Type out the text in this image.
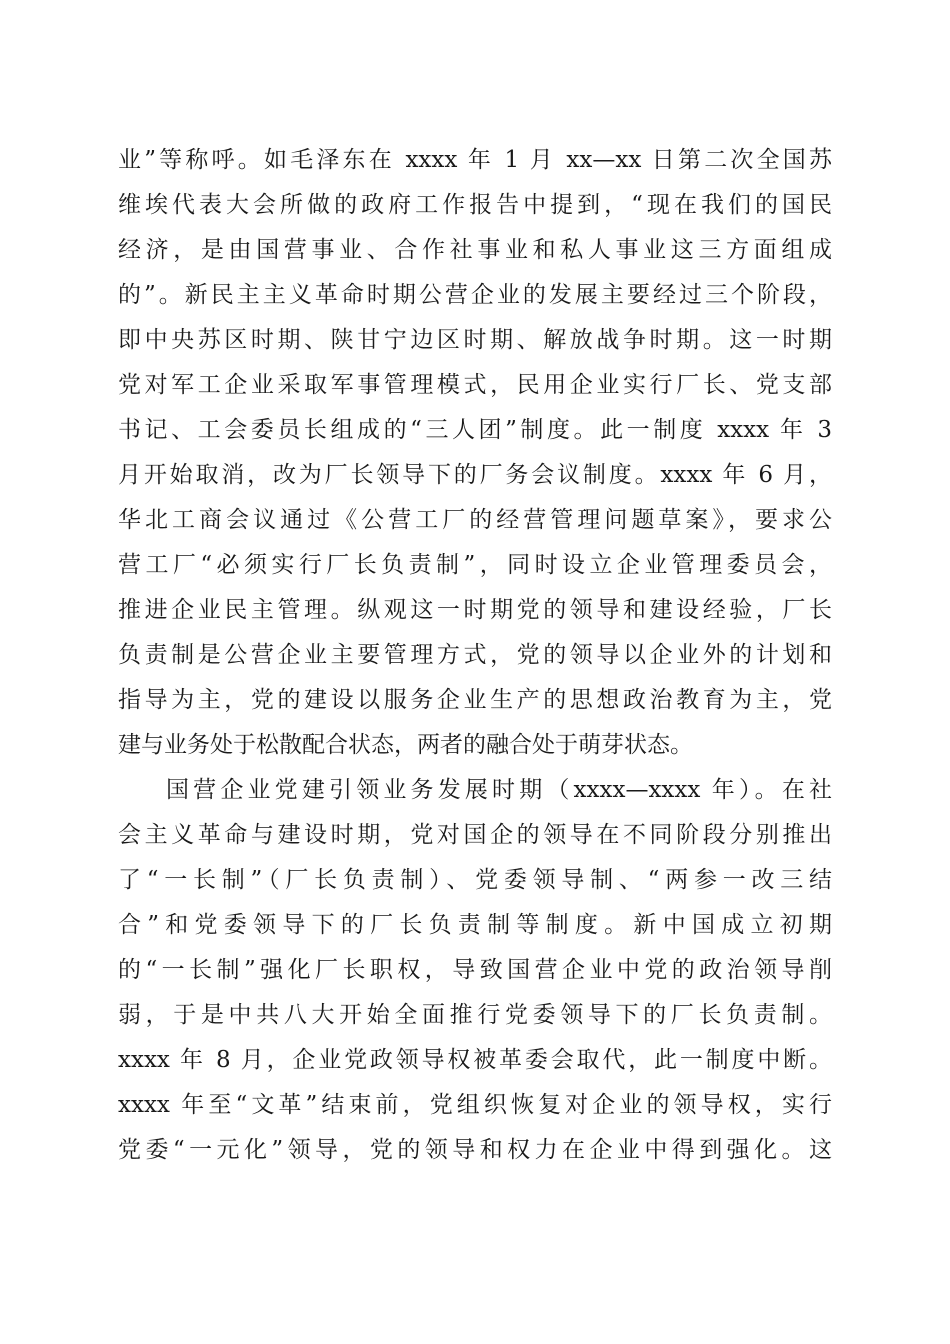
业”等称呼。如毛泽东在 xxxx 年 1 月 xx—xx 日第二次全国苏
维埃代表大会所做的政府工作报告中提到，“现在我们的国民
经济，是由国营事业、合作社事业和私人事业这三方面组成
的”。新民主主义革命时期公营企业的发展主要经过三个阶段，
即中央苏区时期、陕甘宁边区时期、解放战争时期。这一时期
党对军工企业采取军事管理模式，民用企业实行厂长、党支部
书记、工会委员长组成的“三人团”制度。此一制度 xxxx 年 3
月开始取消，改为厂长领导下的厂务会议制度。xxxx 年 6 月，
华北工商会议通过《公营工厂的经营管理问题草案》，要求公
营工厂“必须实行厂长负责制”，同时设立企业管理委员会，
推进企业民主管理。纵观这一时期党的领导和建设经验，厂长
负责制是公营企业主要管理方式，党的领导以企业外的计划和
指导为主，党的建设以服务企业生产的思想政治教育为主，党
建与业务处于松散配合状态，两者的融合处于萌芽状态。
国营企业党建引领业务发展时期（xxxx—xxxx 年）。在社
会主义革命与建设时期，党对国企的领导在不同阶段分别推出
了“一长制”（厂长负责制）、党委领导制、“两参一改三结
合”和党委领导下的厂长负责制等制度。新中国成立初期
的“一长制”强化厂长职权，导致国营企业中党的政治领导削
弱，于是中共八大开始全面推行党委领导下的厂长负责制。
xxxx 年 8 月，企业党政领导权被革委会取代，此一制度中断。
xxxx 年至“文革”结束前，党组织恢复对企业的领导权，实行
党委“一元化”领导，党的领导和权力在企业中得到强化。这
